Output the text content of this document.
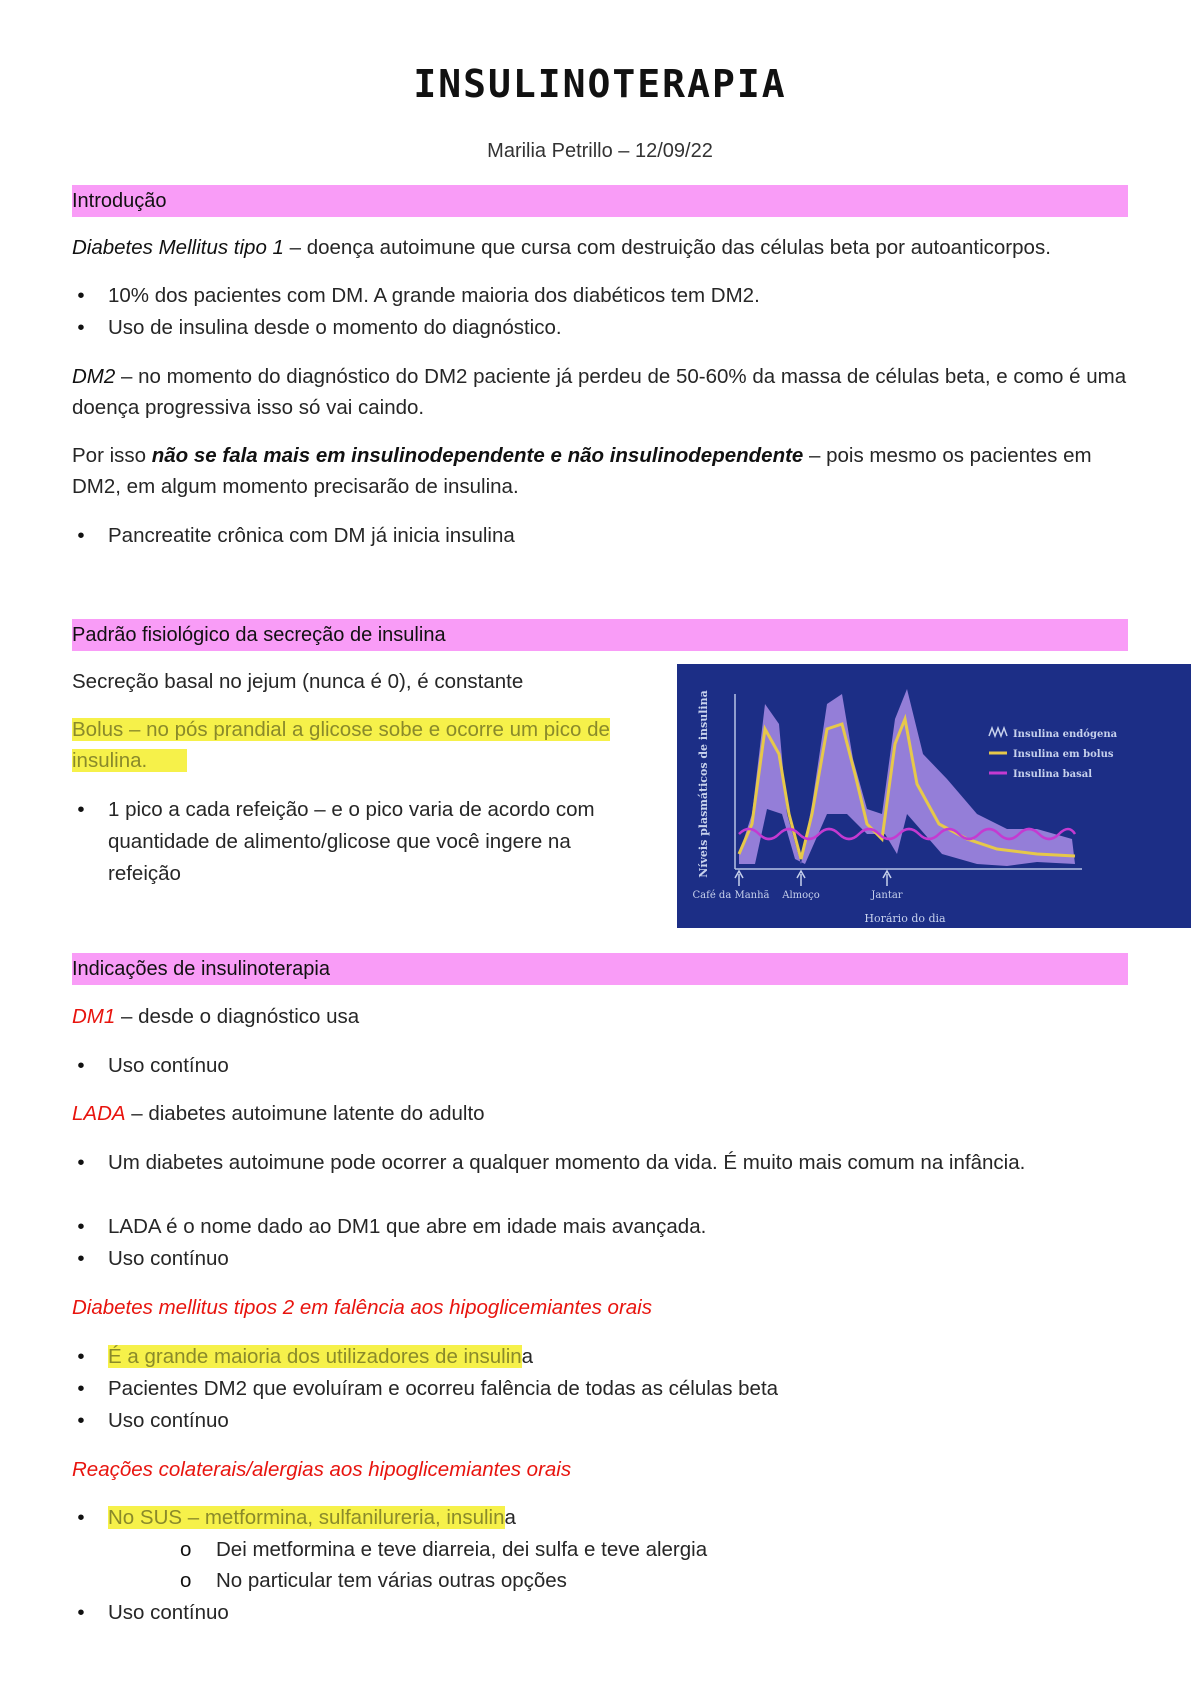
INSULINOTERAPIA
Marilia Petrillo – 12/09/22
Introdução
Diabetes Mellitus tipo 1 – doença autoimune que cursa com destruição das células beta por autoanticorpos.
• 10% dos pacientes com DM. A grande maioria dos diabéticos tem DM2.
• Uso de insulina desde o momento do diagnóstico.
DM2 – no momento do diagnóstico do DM2 paciente já perdeu de 50-60% da massa de células beta, e como é uma doença progressiva isso só vai caindo.
Por isso não se fala mais em insulinodependente e não insulinodependente – pois mesmo os pacientes em DM2, em algum momento precisarão de insulina.
• Pancreatite crônica com DM já inicia insulina
Padrão fisiológico da secreção de insulina
Secreção basal no jejum (nunca é 0), é constante
Bolus – no pós prandial a glicose sobe e ocorre um pico de
insulina.
• 1 pico a cada refeição – e o pico varia de acordo com quantidade de alimento/glicose que você ingere na refeição	Níveis plasmáticos de insulina
Café da Manhã Almoço	Jantar
Horário do dia
Insulina endógena
Insulina em bolus
Insulina basal
Indicações de insulinoterapia
DM1 – desde o diagnóstico usa
• Uso contínuo
LADA – diabetes autoimune latente do adulto
• Um diabetes autoimune pode ocorrer a qualquer momento da vida. É muito mais comum na infância.
• LADA é o nome dado ao DM1 que abre em idade mais avançada.
• Uso contínuo
Diabetes mellitus tipos 2 em falência aos hipoglicemiantes orais
• É a grande maioria dos utilizadores de insulina
• Pacientes DM2 que evoluíram e ocorreu falência de todas as células beta
• Uso contínuo
Reações colaterais/alergias aos hipoglicemiantes orais
• No SUS – metformina, sulfanilureria, insulina
o Dei metformina e teve diarreia, dei sulfa e teve alergia
o No particular tem várias outras opções
• Uso contínuo
